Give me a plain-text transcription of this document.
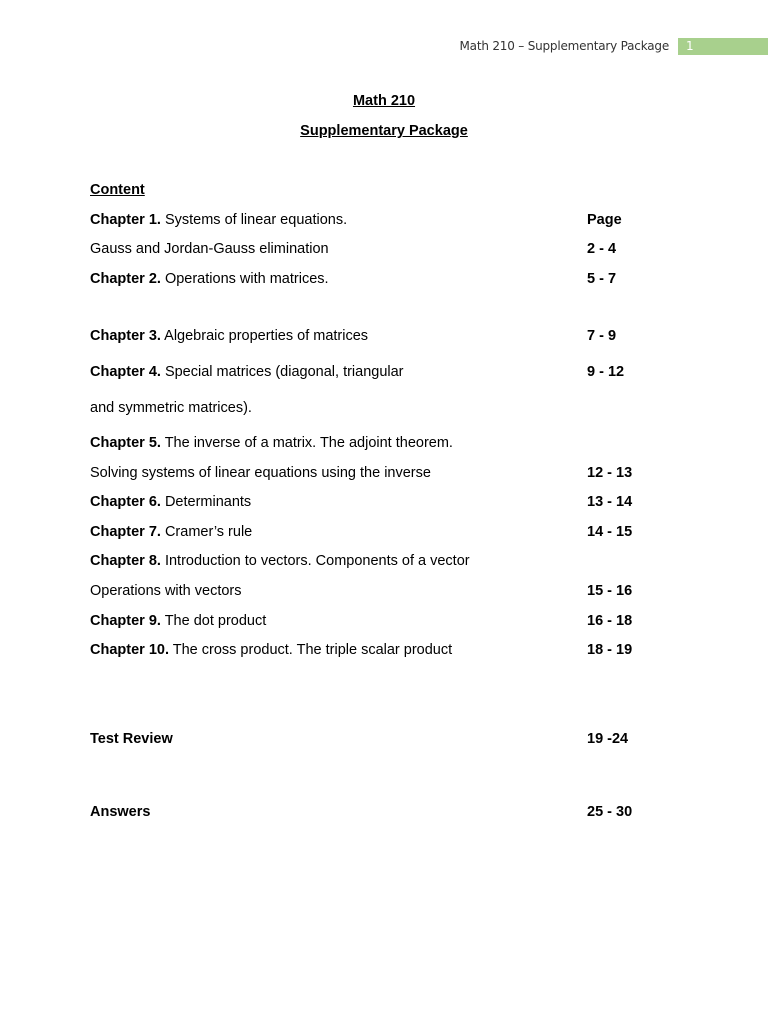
Math 210 – Supplementary Package	1
Math 210
Supplementary Package
Content
Chapter 1. Systems of linear equations.	Page
Gauss and Jordan-Gauss elimination	2 - 4
Chapter 2. Operations with matrices.	5 - 7
Chapter 3. Algebraic properties of matrices	7 - 9
Chapter 4. Special matrices (diagonal, triangular	9 - 12
and symmetric matrices).
Chapter 5. The inverse of a matrix. The adjoint theorem.
Solving systems of linear equations using the inverse	12 - 13
Chapter 6. Determinants	13 - 14
Chapter 7. Cramer’s rule	14 - 15
Chapter 8. Introduction to vectors. Components of a vector
Operations with vectors	15 - 16
Chapter 9. The dot product	16 - 18
Chapter 10. The cross product. The triple scalar product	18 - 19
Test Review	19 -24
Answers	25 - 30
